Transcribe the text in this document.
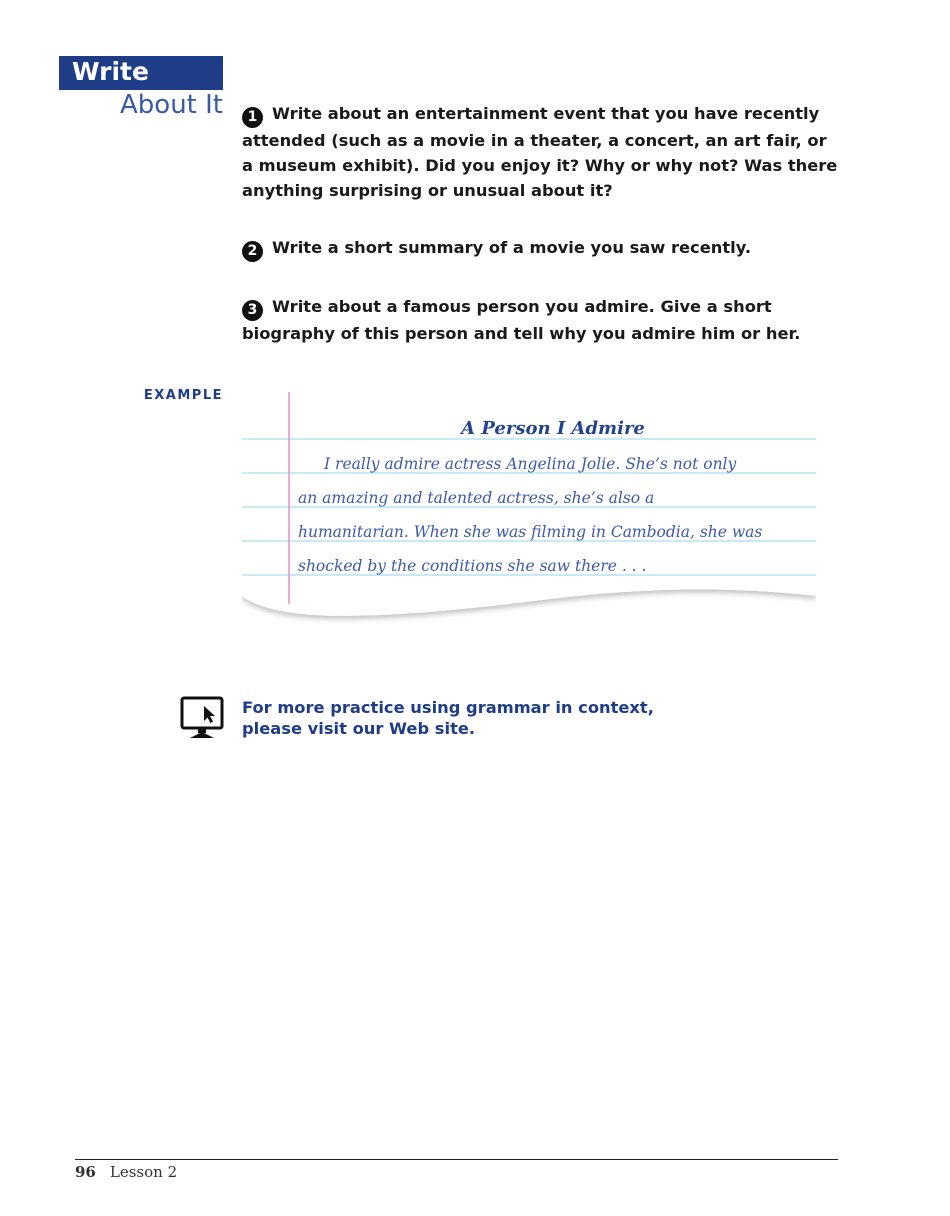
Write
About It	1 Write about an entertainment event that you have recently attended (such as a movie in a theater, a concert, an art fair, or a museum exhibit). Did you enjoy it? Why or why not? Was there anything surprising or unusual about it?
2 Write a short summary of a movie you saw recently.
3 Write about a famous person you admire. Give a short biography of this person and tell why you admire him or her.
EXAMPLE
A Person I Admire
I really admire actress Angelina Jolie. She’s not only
an amazing and talented actress, she’s also a
humanitarian. When she was filming in Cambodia, she was
shocked by the conditions she saw there . . .
For more practice using grammar in context,
please visit our Web site.
96 Lesson 2
